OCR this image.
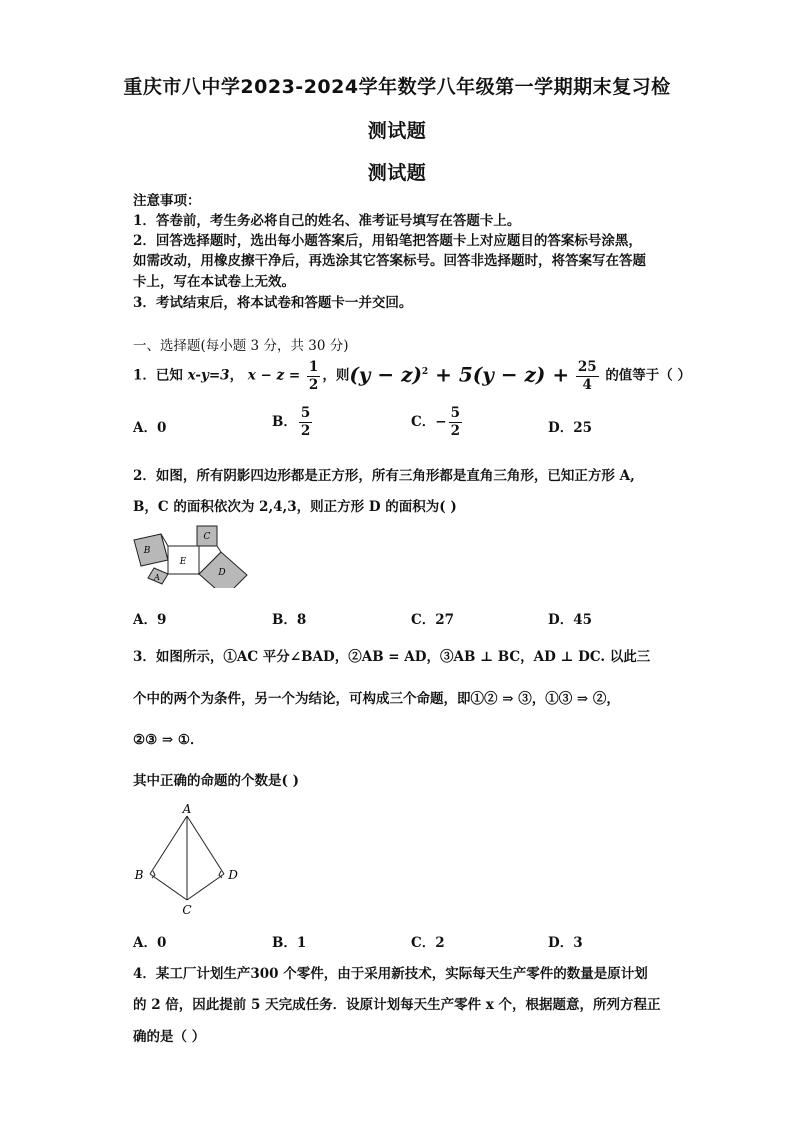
重庆市八中学2023-2024学年数学八年级第一学期期末复习检
测试题
测试题
注意事项：
1．答卷前，考生务必将自己的姓名、准考证号填写在答题卡上。
2．回答选择题时，选出每小题答案后，用铅笔把答题卡上对应题目的答案标号涂黑，
如需改动，用橡皮擦干净后，再选涂其它答案标号。回答非选择题时，将答案写在答题
卡上，写在本试卷上无效。
3．考试结束后，将本试卷和答题卡一并交回。
一、选择题(每小题 3 分，共 30 分)
1．已知 x-y=3， $x - z = \frac{1}{2}$ ，则$(y - z)^2 + 5(y - z) + \frac{25}{4}$ 的值等于（ ）
A．0	B． $\frac{5}{2}$	C．− $\frac{5}{2}$	D．25
2．如图，所有阴影四边形都是正方形，所有三角形都是直角三角形，已知正方形 A,
B，C 的面积依次为 2,4,3，则正方形 D 的面积为( )
B
E
C
A	D
A．9	B．8	C．27	D．45
3．如图所示，①AC 平分∠BAD，②AB = AD，③AB ⊥ BC，AD ⊥ DC. 以此三
个中的两个为条件，另一个为结论，可构成三个命题，即①② ⇒ ③，①③ ⇒ ②，
②③ ⇒ ①．
其中正确的命题的个数是( )
A
B	D
C
A．0	B．1	C．2	D．3
4．某工厂计划生产300 个零件，由于采用新技术，实际每天生产零件的数量是原计划
的 2 倍，因此提前 5 天完成任务．设原计划每天生产零件 x 个，根据题意，所列方程正
确的是（ ）
